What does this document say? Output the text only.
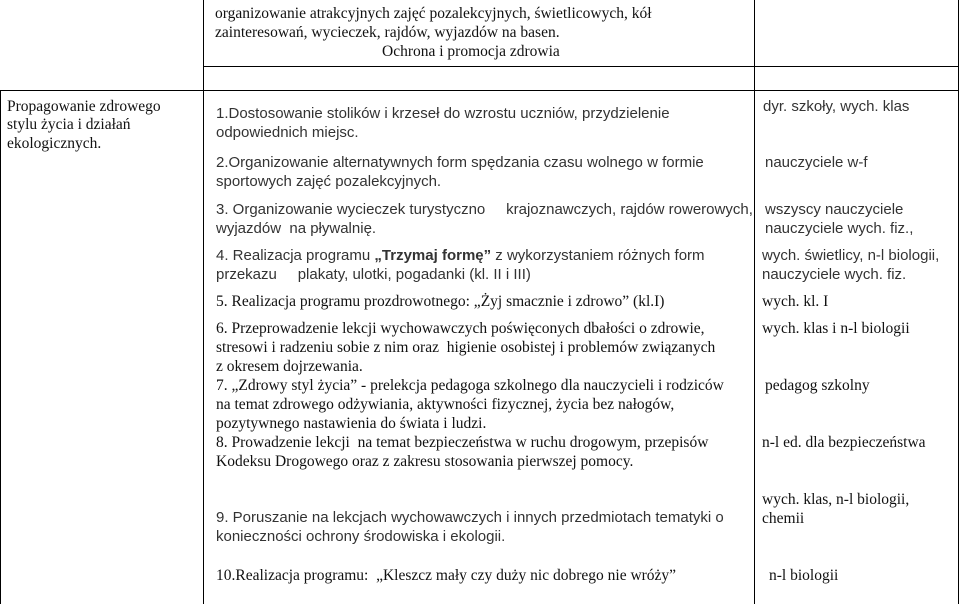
organizowanie atrakcyjnych zajęć pozalekcyjnych, świetlicowych, kół
zainteresowań, wycieczek, rajdów, wyjazdów na basen.
Ochrona i promocja zdrowia
Propagowanie zdrowego
stylu życia i działań
ekologicznych.
1.Dostosowanie stolików i krzeseł do wzrostu uczniów, przydzielenie
odpowiednich miejsc.
2.Organizowanie alternatywnych form spędzania czasu wolnego w formie
sportowych zajęć pozalekcyjnych.
3. Organizowanie wycieczek turystyczno     krajoznawczych, rajdów rowerowych,
wyjazdów  na pływalnię.
4. Realizacja programu „Trzymaj formę” z wykorzystaniem różnych form
przekazu     plakaty, ulotki, pogadanki (kl. II i III)
5. Realizacja programu prozdrowotnego: „Żyj smacznie i zdrowo” (kl.I)
6. Przeprowadzenie lekcji wychowawczych poświęconych dbałości o zdrowie,
stresowi i radzeniu sobie z nim oraz  higienie osobistej i problemów związanych
z okresem dojrzewania.
7. „Zdrowy styl życia” - prelekcja pedagoga szkolnego dla nauczycieli i rodziców
na temat zdrowego odżywiania, aktywności fizycznej, życia bez nałogów,
pozytywnego nastawienia do świata i ludzi.
8. Prowadzenie lekcji  na temat bezpieczeństwa w ruchu drogowym, przepisów
Kodeksu Drogowego oraz z zakresu stosowania pierwszej pomocy.
9. Poruszanie na lekcjach wychowawczych i innych przedmiotach tematyki o
konieczności ochrony środowiska i ekologii.
10.Realizacja programu:  „Kleszcz mały czy duży nic dobrego nie wróży”
dyr. szkoły, wych. klas
nauczyciele w-f
wszyscy nauczyciele
nauczyciele wych. fiz.,
wych. świetlicy, n-l biologii,
nauczyciele wych. fiz.
wych. kl. I
wych. klas i n-l biologii
pedagog szkolny
n-l ed. dla bezpieczeństwa
wych. klas, n-l biologii,
chemii
n-l biologii
